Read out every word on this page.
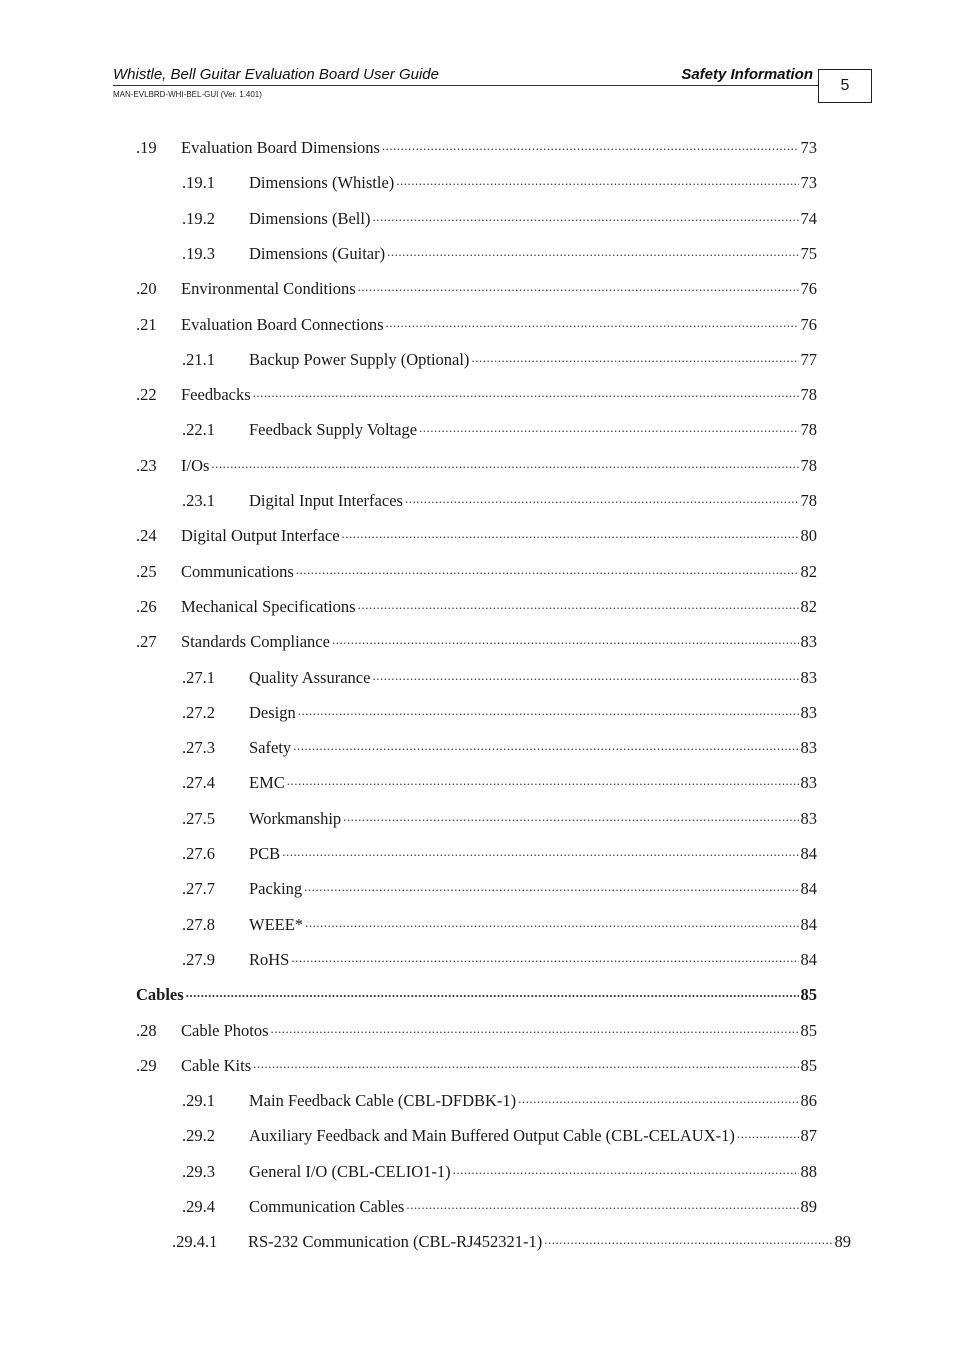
Whistle, Bell Guitar Evaluation Board User Guide	Safety Information
MAN-EVLBRD-WHI-BEL-GUI (Ver. 1.401)
5
.19	Evaluation Board Dimensions .....	73
.19.1	Dimensions (Whistle) .....	73
.19.2	Dimensions (Bell) .....	74
.19.3	Dimensions (Guitar) .....	75
.20	Environmental Conditions .....	76
.21	Evaluation Board Connections .....	76
.21.1	Backup Power Supply (Optional) .....	77
.22	Feedbacks .....	78
.22.1	Feedback Supply Voltage .....	78
.23	I/Os .....	78
.23.1	Digital Input Interfaces .....	78
.24	Digital Output Interface .....	80
.25	Communications .....	82
.26	Mechanical Specifications .....	82
.27	Standards Compliance .....	83
.27.1	Quality Assurance .....	83
.27.2	Design .....	83
.27.3	Safety .....	83
.27.4	EMC .....	83
.27.5	Workmanship .....	83
.27.6	PCB .....	84
.27.7	Packing .....	84
.27.8	WEEE* .....	84
.27.9	RoHS .....	84
Cables .....	85
.28	Cable Photos .....	85
.29	Cable Kits .....	85
.29.1	Main Feedback Cable (CBL-DFDBK-1) .....	86
.29.2	Auxiliary Feedback and Main Buffered Output Cable (CBL-CELAUX-1) .....	87
.29.3	General I/O (CBL-CELIO1-1) .....	88
.29.4	Communication Cables .....	89
.29.4.1	RS-232 Communication (CBL-RJ452321-1) .....	89
